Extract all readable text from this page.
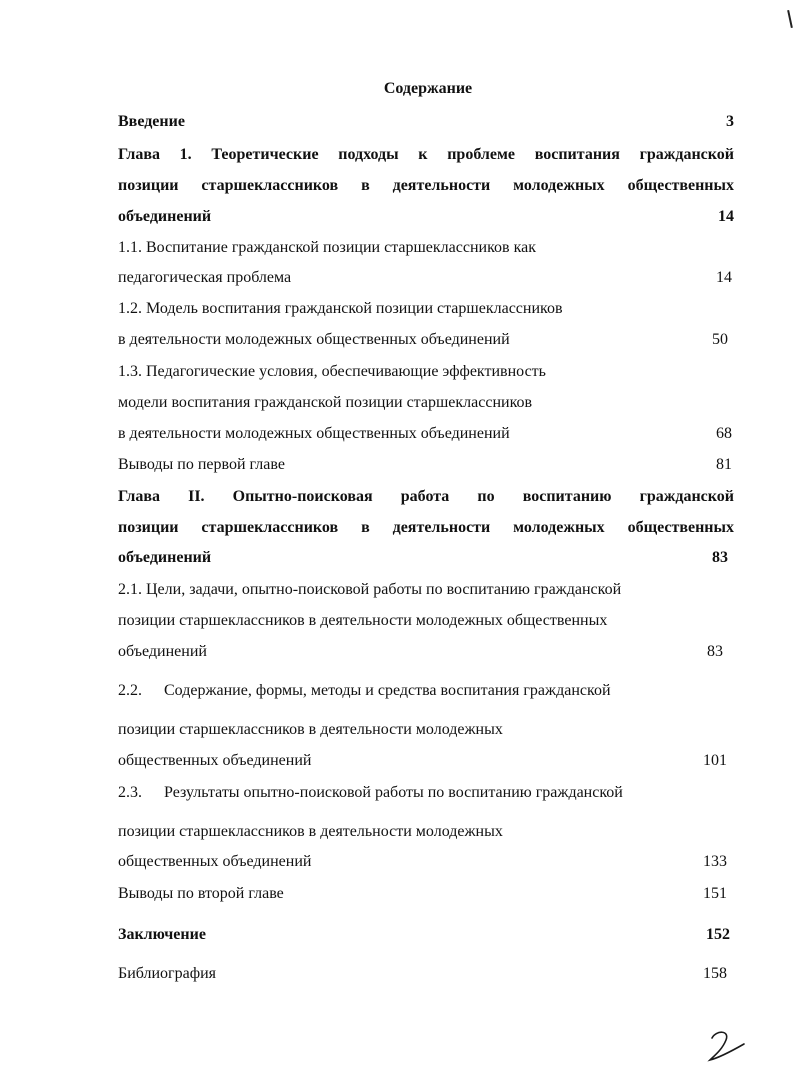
Содержание
Введение	3
Глава 1. Теоретические подходы к проблеме воспитания гражданской
позиции старшеклассников в деятельности молодежных общественных
объединений	14
1.1. Воспитание гражданской позиции старшеклассников как
педагогическая проблема	14
1.2. Модель воспитания гражданской позиции старшеклассников
в деятельности молодежных общественных объединений	50
1.3. Педагогические условия, обеспечивающие эффективность
модели воспитания гражданской позиции старшеклассников
в деятельности молодежных общественных объединений	68
Выводы по первой главе	81
Глава II. Опытно-поисковая работа по воспитанию гражданской
позиции старшеклассников в деятельности молодежных общественных
объединений	83
2.1. Цели, задачи, опытно-поисковой работы по воспитанию гражданской
позиции старшеклассников в деятельности молодежных общественных
объединений	83
2.2. Содержание, формы, методы и средства воспитания гражданской
позиции старшеклассников в деятельности молодежных
общественных объединений	101
2.3. Результаты опытно-поисковой работы по воспитанию гражданской
позиции старшеклассников в деятельности молодежных
общественных объединений	133
Выводы по второй главе	151
Заключение	152
Библиография	158
